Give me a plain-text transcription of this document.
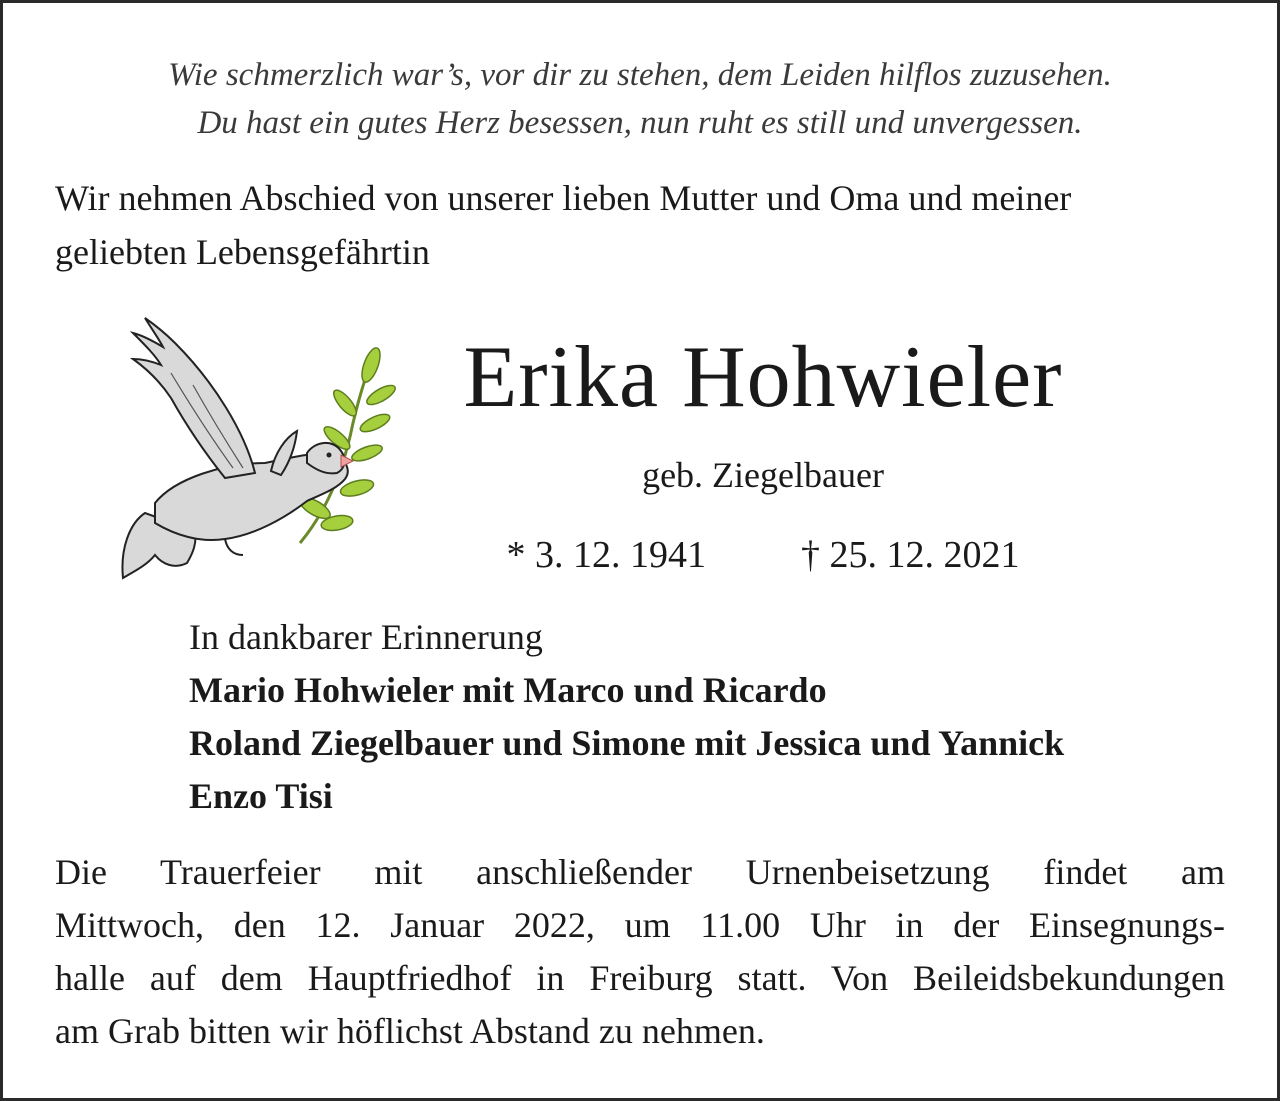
Wie schmerzlich war’s, vor dir zu stehen, dem Leiden hilflos zuzusehen.
Du hast ein gutes Herz besessen, nun ruht es still und unvergessen.
Wir nehmen Abschied von unserer lieben Mutter und Oma und meiner
geliebten Lebensgefährtin
Erika Hohwieler
geb. Ziegelbauer
* 3. 12. 1941	† 25. 12. 2021
In dankbarer Erinnerung
Mario Hohwieler mit Marco und Ricardo
Roland Ziegelbauer und Simone mit Jessica und Yannick
Enzo Tisi
Die Trauerfeier mit anschließender Urnenbeisetzung findet am
Mittwoch, den 12. Januar 2022, um 11.00 Uhr in der Einsegnungs-
halle auf dem Hauptfriedhof in Freiburg statt. Von Beileidsbekundungen
am Grab bitten wir höflichst Abstand zu nehmen.
